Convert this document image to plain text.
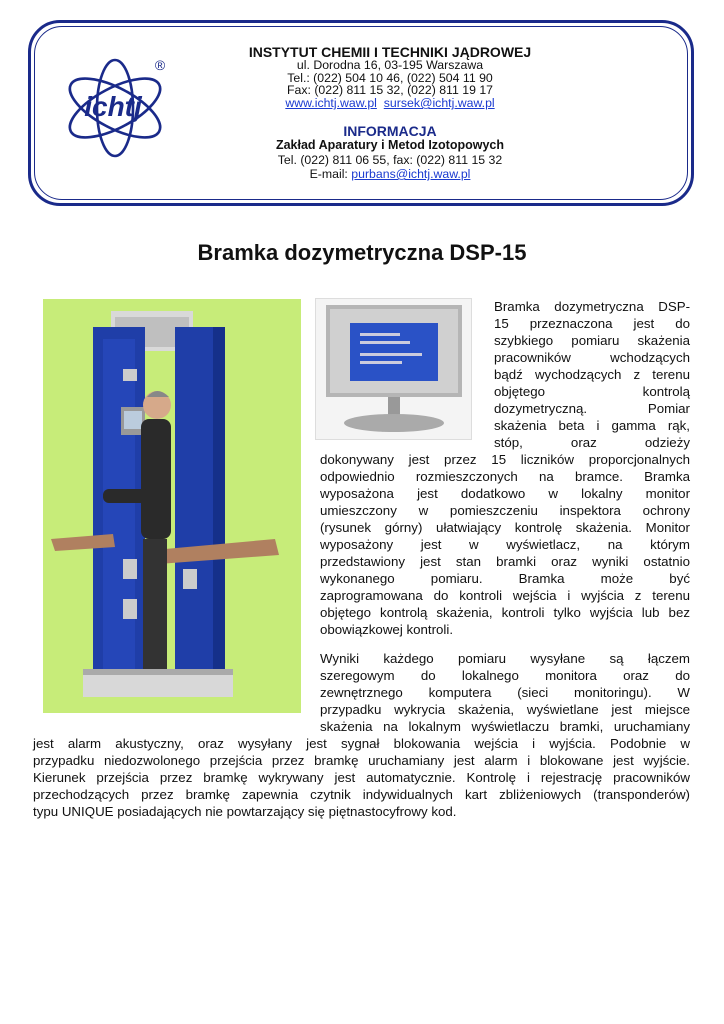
ichtj
®
INSTYTUT CHEMII I TECHNIKI JĄDROWEJ
ul. Dorodna 16, 03-195 Warszawa
Tel.: (022) 504 10 46, (022) 504 11 90
Fax: (022) 811 15 32, (022) 811 19 17
www.ichtj.waw.pl sursek@ichtj.waw.pl
INFORMACJA
Zakład Aparatury i Metod Izotopowych
Tel. (022) 811 06 55, fax: (022) 811 15 32
E-mail: purbans@ichtj.waw.pl
Bramka dozymetryczna DSP-15
Bramka dozymetryczna DSP-
15 przeznaczona jest do
szybkiego pomiaru skażenia
pracowników wchodzących
bądź wychodzących z terenu
objętego kontrolą
dozymetryczną. Pomiar
skażenia beta i gamma rąk,
stóp, oraz odzieży
dokonywany jest przez 15 liczników proporcjonalnych
odpowiednio rozmieszczonych na bramce. Bramka
wyposażona jest dodatkowo w lokalny monitor
umieszczony w pomieszczeniu inspektora ochrony
(rysunek górny) ułatwiający kontrolę skażenia. Monitor
wyposażony jest w wyświetlacz, na którym
przedstawiony jest stan bramki oraz wyniki ostatnio
wykonanego pomiaru. Bramka może być
zaprogramowana do kontroli wejścia i wyjścia z terenu
objętego kontrolą skażenia, kontroli tylko wyjścia lub bez
obowiązkowej kontroli.
Wyniki każdego pomiaru wysyłane są łączem
szeregowym do lokalnego monitora oraz do
zewnętrznego komputera (sieci monitoringu). W
przypadku wykrycia skażenia, wyświetlane jest miejsce
skażenia na lokalnym wyświetlaczu bramki, uruchamiany
jest alarm akustyczny, oraz wysyłany jest sygnał blokowania wejścia i wyjścia. Podobnie w
przypadku niedozwolonego przejścia przez bramkę uruchamiany jest alarm i blokowane jest wyjście.
Kierunek przejścia przez bramkę wykrywany jest automatycznie. Kontrolę i rejestrację pracowników
przechodzących przez bramkę zapewnia czytnik indywidualnych kart zbliżeniowych (transponderów)
typu UNIQUE posiadających nie powtarzający się piętnastocyfrowy kod.
